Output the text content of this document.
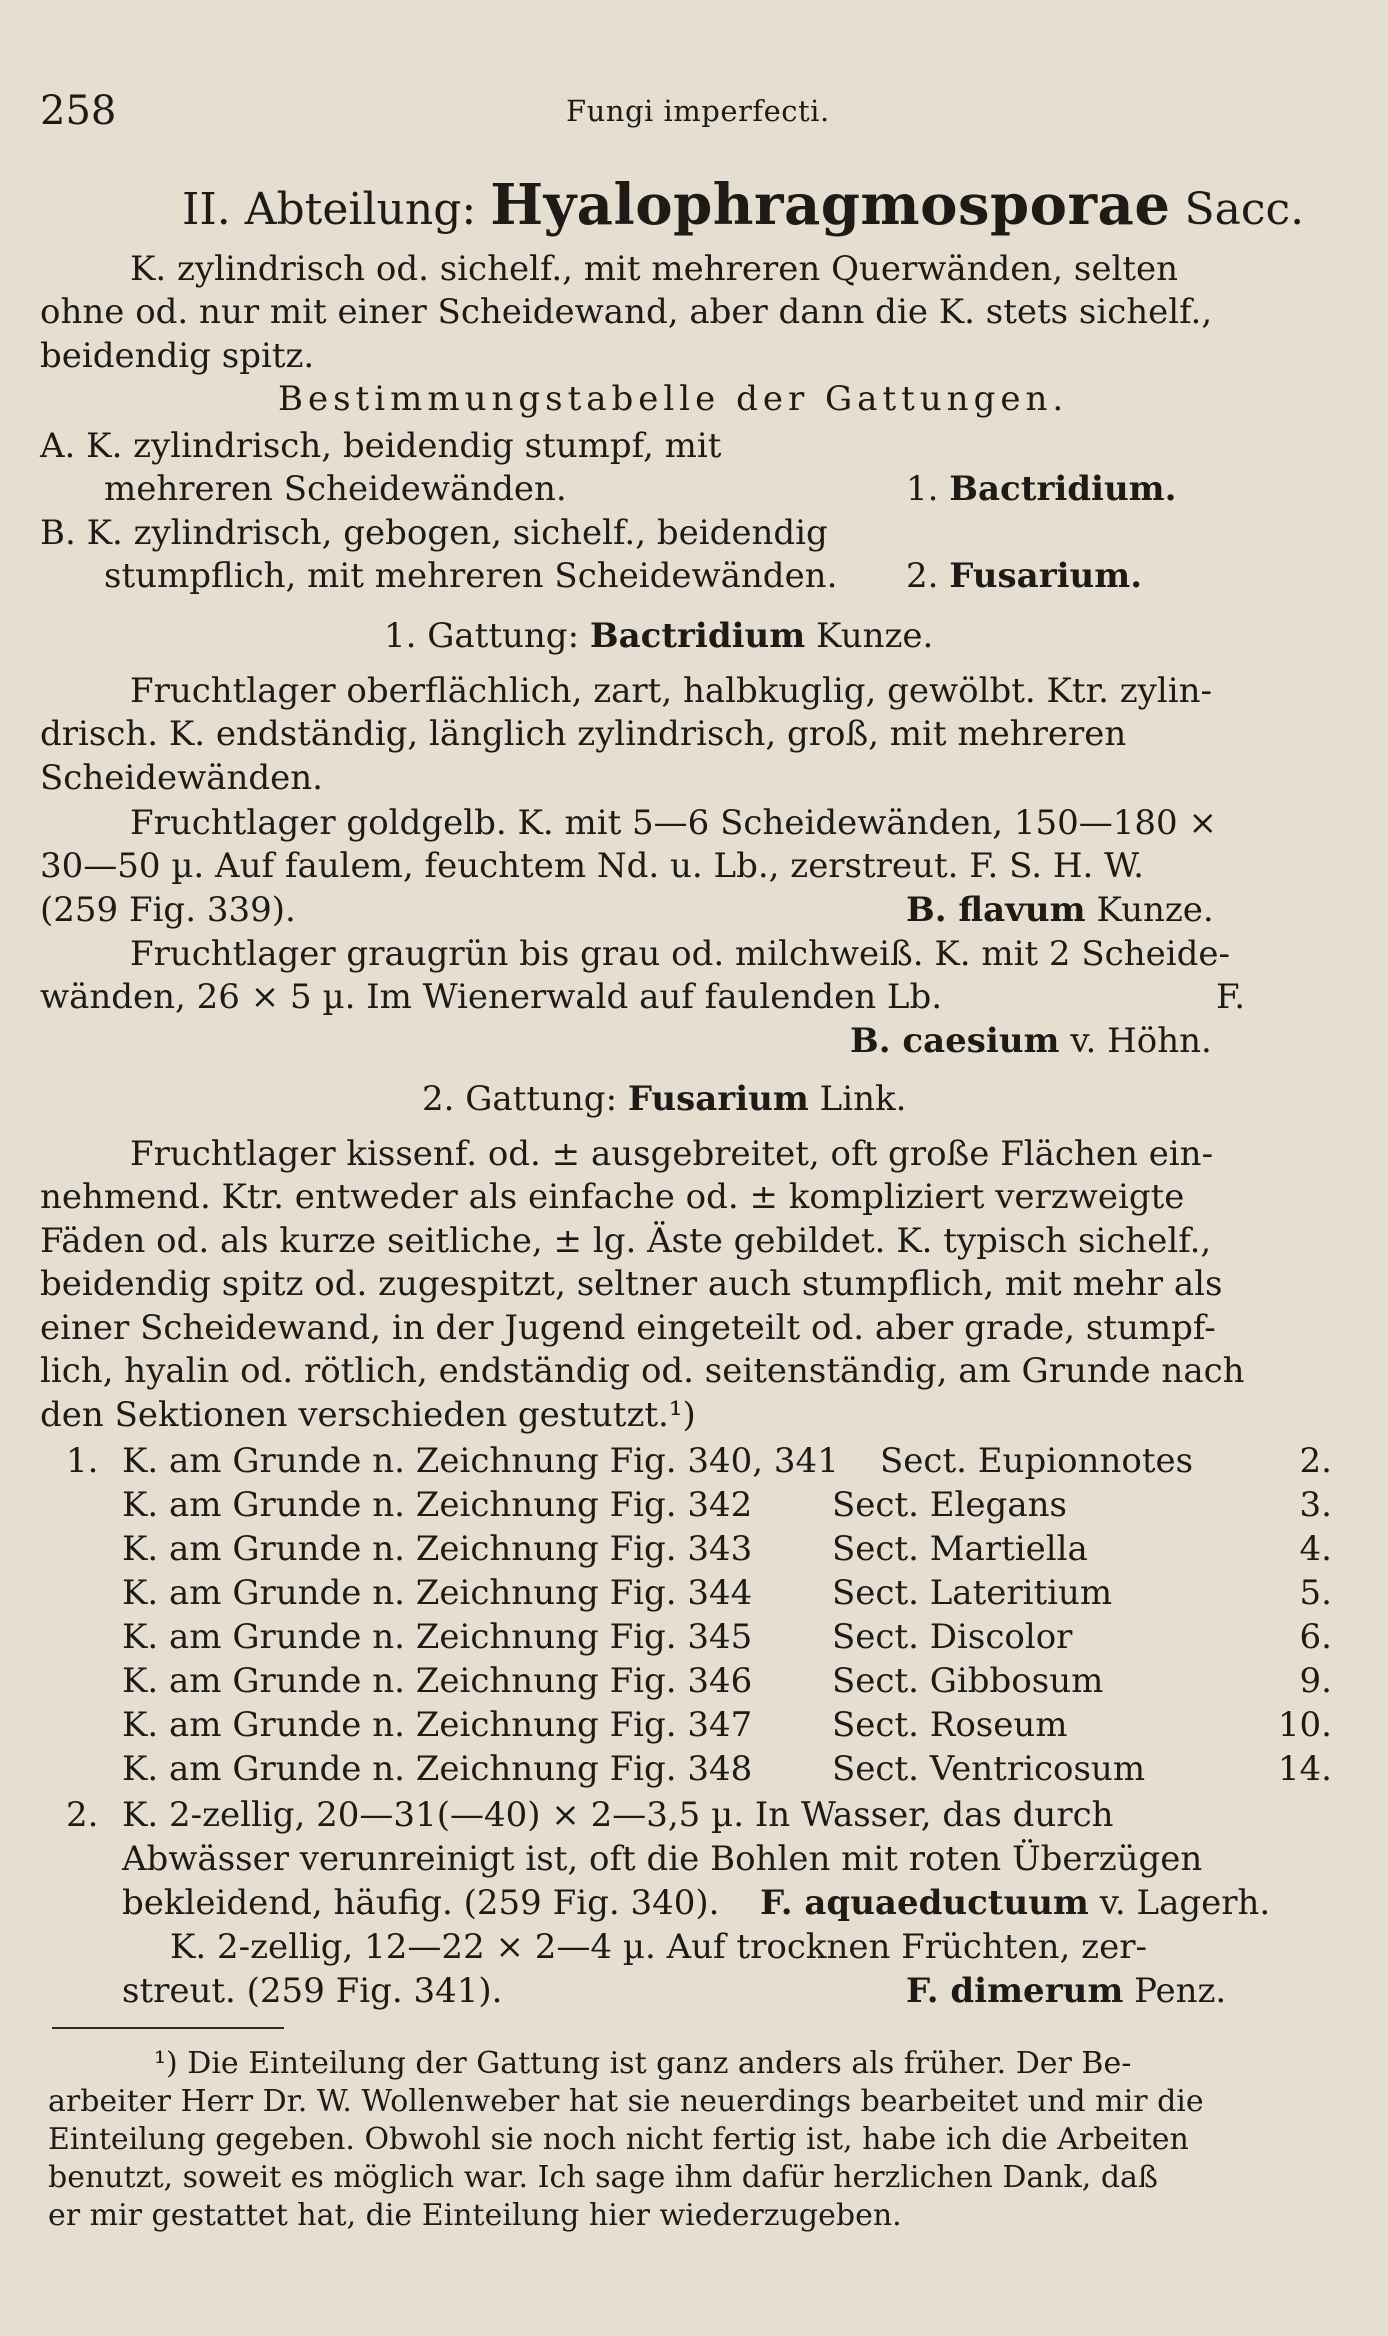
258	Fungi imperfecti.
II. Abteilung: Hyalophragmosporae Sacc.
K. zylindrisch od. sichelf., mit mehreren Querwänden, selten
ohne od. nur mit einer Scheidewand, aber dann die K. stets sichelf.,
beidendig spitz.
Bestimmungstabelle der Gattungen.
A. K. zylindrisch, beidendig stumpf, mit
mehreren Scheidewänden.	1. Bactridium.
B. K. zylindrisch, gebogen, sichelf., beidendig
stumpflich, mit mehreren Scheidewänden. 2. Fusarium.
1. Gattung: Bactridium Kunze.
Fruchtlager oberflächlich, zart, halbkuglig, gewölbt. Ktr. zylin-
drisch. K. endständig, länglich zylindrisch, groß, mit mehreren
Scheidewänden.
Fruchtlager goldgelb. K. mit 5—6 Scheidewänden, 150—180 ×
30—50 µ. Auf faulem, feuchtem Nd. u. Lb., zerstreut. F. S. H. W.
(259 Fig. 339).	B. flavum Kunze.
Fruchtlager graugrün bis grau od. milchweiß. K. mit 2 Scheide-
wänden, 26 × 5 µ. Im Wienerwald auf faulenden Lb.	F.
B. caesium v. Höhn.
2. Gattung: Fusarium Link.
Fruchtlager kissenf. od. ± ausgebreitet, oft große Flächen ein-
nehmend. Ktr. entweder als einfache od. ± kompliziert verzweigte
Fäden od. als kurze seitliche, ± lg. Äste gebildet. K. typisch sichelf.,
beidendig spitz od. zugespitzt, seltner auch stumpflich, mit mehr als
einer Scheidewand, in der Jugend eingeteilt od. aber grade, stumpf-
lich, hyalin od. rötlich, endständig od. seitenständig, am Grunde nach
den Sektionen verschieden gestutzt.¹)
1. K. am Grunde n. Zeichnung Fig. 340, 341 Sect. Eupionnotes	2.
K. am Grunde n. Zeichnung Fig. 342 Sect. Elegans	3.
K. am Grunde n. Zeichnung Fig. 343 Sect. Martiella	4.
K. am Grunde n. Zeichnung Fig. 344 Sect. Lateritium	5.
K. am Grunde n. Zeichnung Fig. 345 Sect. Discolor	6.
K. am Grunde n. Zeichnung Fig. 346 Sect. Gibbosum	9.
K. am Grunde n. Zeichnung Fig. 347 Sect. Roseum	10.
K. am Grunde n. Zeichnung Fig. 348 Sect. Ventricosum	14.
2. K. 2-zellig, 20—31(—40) × 2—3,5 µ. In Wasser, das durch
Abwässer verunreinigt ist, oft die Bohlen mit roten Überzügen
bekleidend, häufig. (259 Fig. 340). F. aquaeductuum v. Lagerh.
K. 2-zellig, 12—22 × 2—4 µ. Auf trocknen Früchten, zer-
streut. (259 Fig. 341).	F. dimerum Penz.
¹) Die Einteilung der Gattung ist ganz anders als früher. Der Be-
arbeiter Herr Dr. W. Wollenweber hat sie neuerdings bearbeitet und mir die
Einteilung gegeben. Obwohl sie noch nicht fertig ist, habe ich die Arbeiten
benutzt, soweit es möglich war. Ich sage ihm dafür herzlichen Dank, daß
er mir gestattet hat, die Einteilung hier wiederzugeben.
